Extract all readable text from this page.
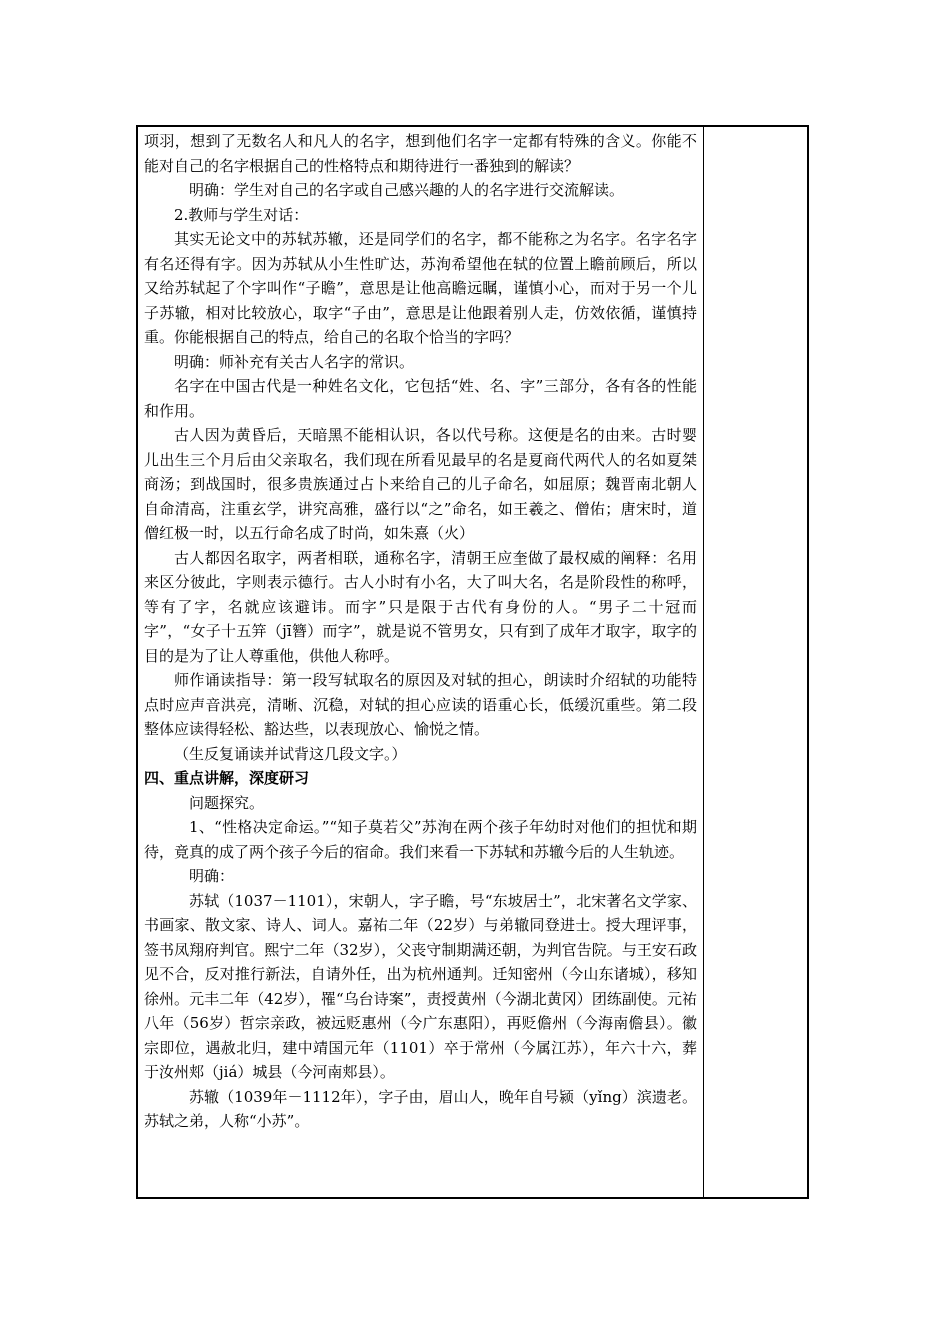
项羽，想到了无数名人和凡人的名字，想到他们名字一定都有特殊的含义。你能不能对自己的名字根据自己的性格特点和期待进行一番独到的解读？

明确：学生对自己的名字或自己感兴趣的人的名字进行交流解读。

2.教师与学生对话：

其实无论文中的苏轼苏辙，还是同学们的名字，都不能称之为名字。名字名字有名还得有字。因为苏轼从小生性旷达，苏洵希望他在轼的位置上瞻前顾后，所以又给苏轼起了个字叫作“子瞻”，意思是让他高瞻远瞩，谨慎小心，而对于另一个儿子苏辙，相对比较放心，取字“子由”，意思是让他跟着别人走，仿效依循，谨慎持重。你能根据自己的特点，给自己的名取个恰当的字吗？

明确：师补充有关古人名字的常识。

名字在中国古代是一种姓名文化，它包括“姓、名、字”三部分，各有各的性能和作用。

古人因为黄昏后，天暗黑不能相认识，各以代号称。这便是名的由来。古时婴儿出生三个月后由父亲取名，我们现在所看见最早的名是夏商代两代人的名如夏桀商汤；到战国时，很多贵族通过占卜来给自己的儿子命名，如屈原；魏晋南北朝人自命清高，注重玄学，讲究高雅，盛行以“之”命名，如王羲之、僧佑；唐宋时，道僧红极一时，以五行命名成了时尚，如朱熹（火）

古人都因名取字，两者相联，通称名字，清朝王应奎做了最权威的阐释：名用来区分彼此，字则表示德行。古人小时有小名，大了叫大名，名是阶段性的称呼，等有了字，名就应该避讳。而字”只是限于古代有身份的人。“男子二十冠而字”，“女子十五笄（jī簪）而字”，就是说不管男女，只有到了成年才取字，取字的目的是为了让人尊重他，供他人称呼。

师作诵读指导：第一段写轼取名的原因及对轼的担心，朗读时介绍轼的功能特点时应声音洪亮，清晰、沉稳，对轼的担心应读的语重心长，低缓沉重些。第二段整体应读得轻松、豁达些，以表现放心、愉悦之情。

（生反复诵读并试背这几段文字。）

四、重点讲解，深度研习

问题探究。

1、“性格决定命运。”“知子莫若父”苏洵在两个孩子年幼时对他们的担忧和期待，竟真的成了两个孩子今后的宿命。我们来看一下苏轼和苏辙今后的人生轨迹。

明确：

苏轼（1037－1101），宋朝人，字子瞻，号“东坡居士”，北宋著名文学家、书画家、散文家、诗人、词人。嘉祐二年（22岁）与弟辙同登进士。授大理评事，签书凤翔府判官。熙宁二年（32岁），父丧守制期满还朝，为判官告院。与王安石政见不合，反对推行新法，自请外任，出为杭州通判。迁知密州（今山东诸城），移知徐州。元丰二年（42岁），罹“乌台诗案”，责授黄州（今湖北黄冈）团练副使。元祐八年（56岁）哲宗亲政，被远贬惠州（今广东惠阳），再贬儋州（今海南儋县）。徽宗即位，遇赦北归，建中靖国元年（1101）卒于常州（今属江苏），年六十六，葬于汝州郏（jiá）城县（今河南郏县）。

苏辙（1039年－1112年），字子由，眉山人，晚年自号颍（yǐng）滨遗老。苏轼之弟，人称“小苏”。
